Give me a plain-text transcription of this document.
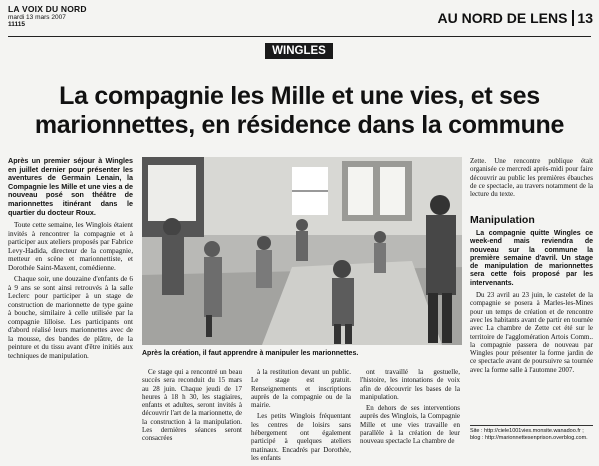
LA VOIX DU NORD
mardi 13 mars 2007
11115	AU NORD DE LENS 13
WINGLES
La compagnie les Mille et une vies, et ses
marionnettes, en résidence dans la commune
Après un premier séjour à Wingles en juillet dernier pour présenter les aventures de Germain Lenain, la Compagnie les Mille et une vies a de nouveau posé son théâtre de marionnettes itinérant dans le quartier du docteur Roux.

Toute cette semaine, les Winglois étaient invités à rencontrer la compagnie et à participer aux ateliers proposés par Fabrice Levy-Hadida, directeur de la compagnie, metteur en scène et marionnettiste, et Dorothée Saint-Maxent, comédienne.

Chaque soir, une douzaine d'enfants de 6 à 9 ans se sont ainsi retrouvés à la salle Leclerc pour participer à un stage de construction de marionnette de type gaine à bouche, similaire à celle utilisée par la compagnie lilloise. Les participants ont d'abord réalisé leurs marionnettes avec de la mousse, des bandes de plâtre, de la peinture et du tissu avant d'être initiés aux techniques de manipulation.	Après la création, il faut apprendre à manipuler les marionnettes.

Ce stage qui a rencontré un beau succès sera reconduit du 15 mars au 28 juin. Chaque jeudi de 17 heures à 18 h 30, les stagiaires, enfants et adultes, seront invités à découvrir l'art de la marionnette, de la construction à la manipulation. Les dernières séances seront consacrées

à la restitution devant un public. Le stage est gratuit. Renseignements et inscriptions auprès de la compagnie ou de la mairie.

Les petits Winglois fréquentant les centres de loisirs sans hébergement ont également participé à quelques ateliers matinaux. Encadrés par Dorothée, les enfants

ont travaillé la gestuelle, l'histoire, les intonations de voix afin de découvrir les bases de la manipulation.

En dehors de ses interventions auprès des Winglois, la Compagnie Mille et une vies travaille en parallèle à la création de leur nouveau spectacle La chambre de

Zette. Une rencontre publique était organisée ce mercredi après-midi pour faire découvrir au public les premières ébauches de ce spectacle, au travers notamment de la lecture du texte.

Manipulation

La compagnie quitte Wingles ce week-end mais reviendra de nouveau sur la commune la première semaine d'avril. Un stage de manipulation de marionnettes sera cette fois proposé par les intervenants.

Du 23 avril au 23 juin, le castelet de la compagnie se posera à Marles-les-Mines pour un temps de création et de rencontre avec les habitants avant de partir en tournée avec La chambre de Zette cet été sur le territoire de l'agglomération Artois Comm.. la compagnie passera de nouveau par Wingles pour présenter la forme jardin de ce spectacle avant de poursuivre sa tournée avec la forme salle à l'automne 2007.

Site : http://ciele1001vies.monsite.wanadoo.fr ;
blog : http://marionnettesenprison.overblog.com.
